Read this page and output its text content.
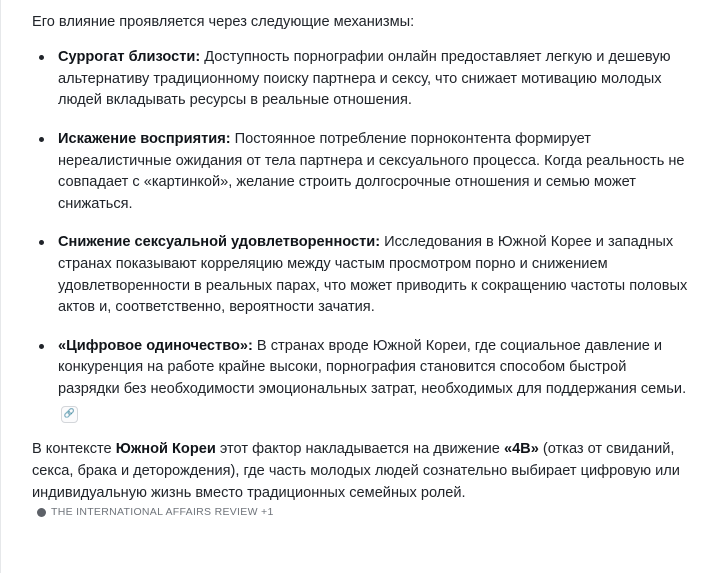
Его влияние проявляется через следующие механизмы:

Суррогат близости: Доступность порнографии онлайн предоставляет легкую и дешевую альтернативу традиционному поиску партнера и сексу, что снижает мотивацию молодых людей вкладывать ресурсы в реальные отношения.
Искажение восприятия: Постоянное потребление порноконтента формирует нереалистичные ожидания от тела партнера и сексуального процесса. Когда реальность не совпадает с «картинкой», желание строить долгосрочные отношения и семью может снижаться.
Снижение сексуальной удовлетворенности: Исследования в Южной Корее и западных странах показывают корреляцию между частым просмотром порно и снижением удовлетворенности в реальных парах, что может приводить к сокращению частоты половых актов и, соответственно, вероятности зачатия.
«Цифровое одиночество»: В странах вроде Южной Кореи, где социальное давление и конкуренция на работе крайне высоки, порнография становится способом быстрой разрядки без необходимости эмоциональных затрат, необходимых для поддержания семьи.🔗

В контексте Южной Кореи этот фактор накладывается на движение «4В» (отказ от свиданий, секса, брака и деторождения), где часть молодых людей сознательно выбирает цифровую или индивидуальную жизнь вместо традиционных семейных ролей.
THE INTERNATIONAL AFFAIRS REVIEW +1
